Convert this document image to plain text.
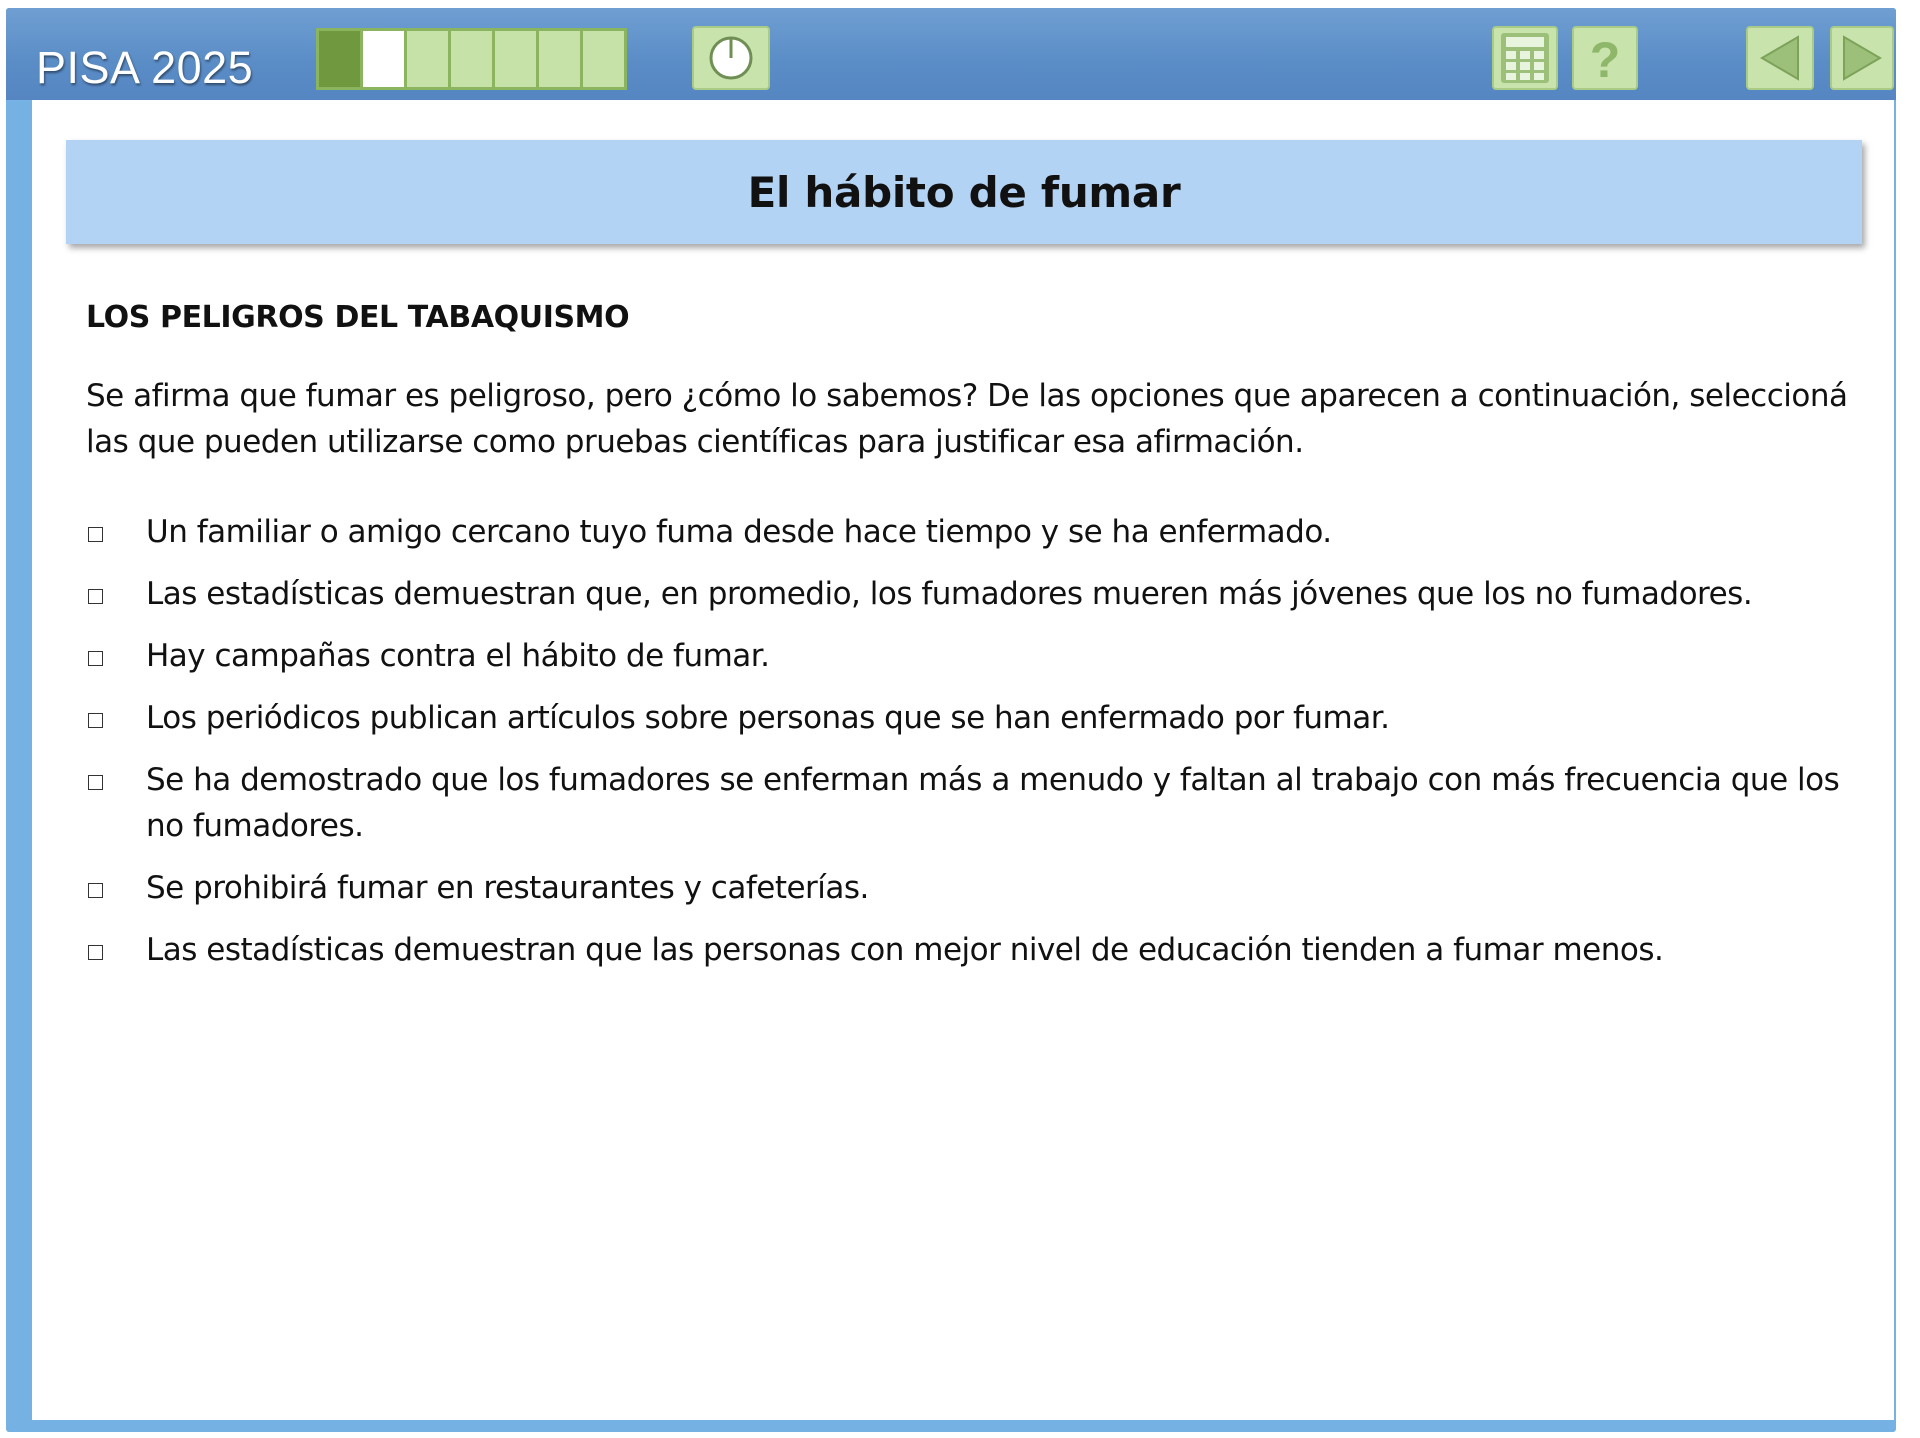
PISA 2025	?
El hábito de fumar

LOS PELIGROS DEL TABAQUISMO

Se afirma que fumar es peligroso, pero ¿cómo lo sabemos? De las opciones que aparecen a continuación, seleccioná las que pueden utilizarse como pruebas científicas para justificar esa afirmación.

Un familiar o amigo cercano tuyo fuma desde hace tiempo y se ha enfermado.
Las estadísticas demuestran que, en promedio, los fumadores mueren más jóvenes que los no fumadores.
Hay campañas contra el hábito de fumar.
Los periódicos publican artículos sobre personas que se han enfermado por fumar.
Se ha demostrado que los fumadores se enferman más a menudo y faltan al trabajo con más frecuencia que los no fumadores.
Se prohibirá fumar en restaurantes y cafeterías.
Las estadísticas demuestran que las personas con mejor nivel de educación tienden a fumar menos.
